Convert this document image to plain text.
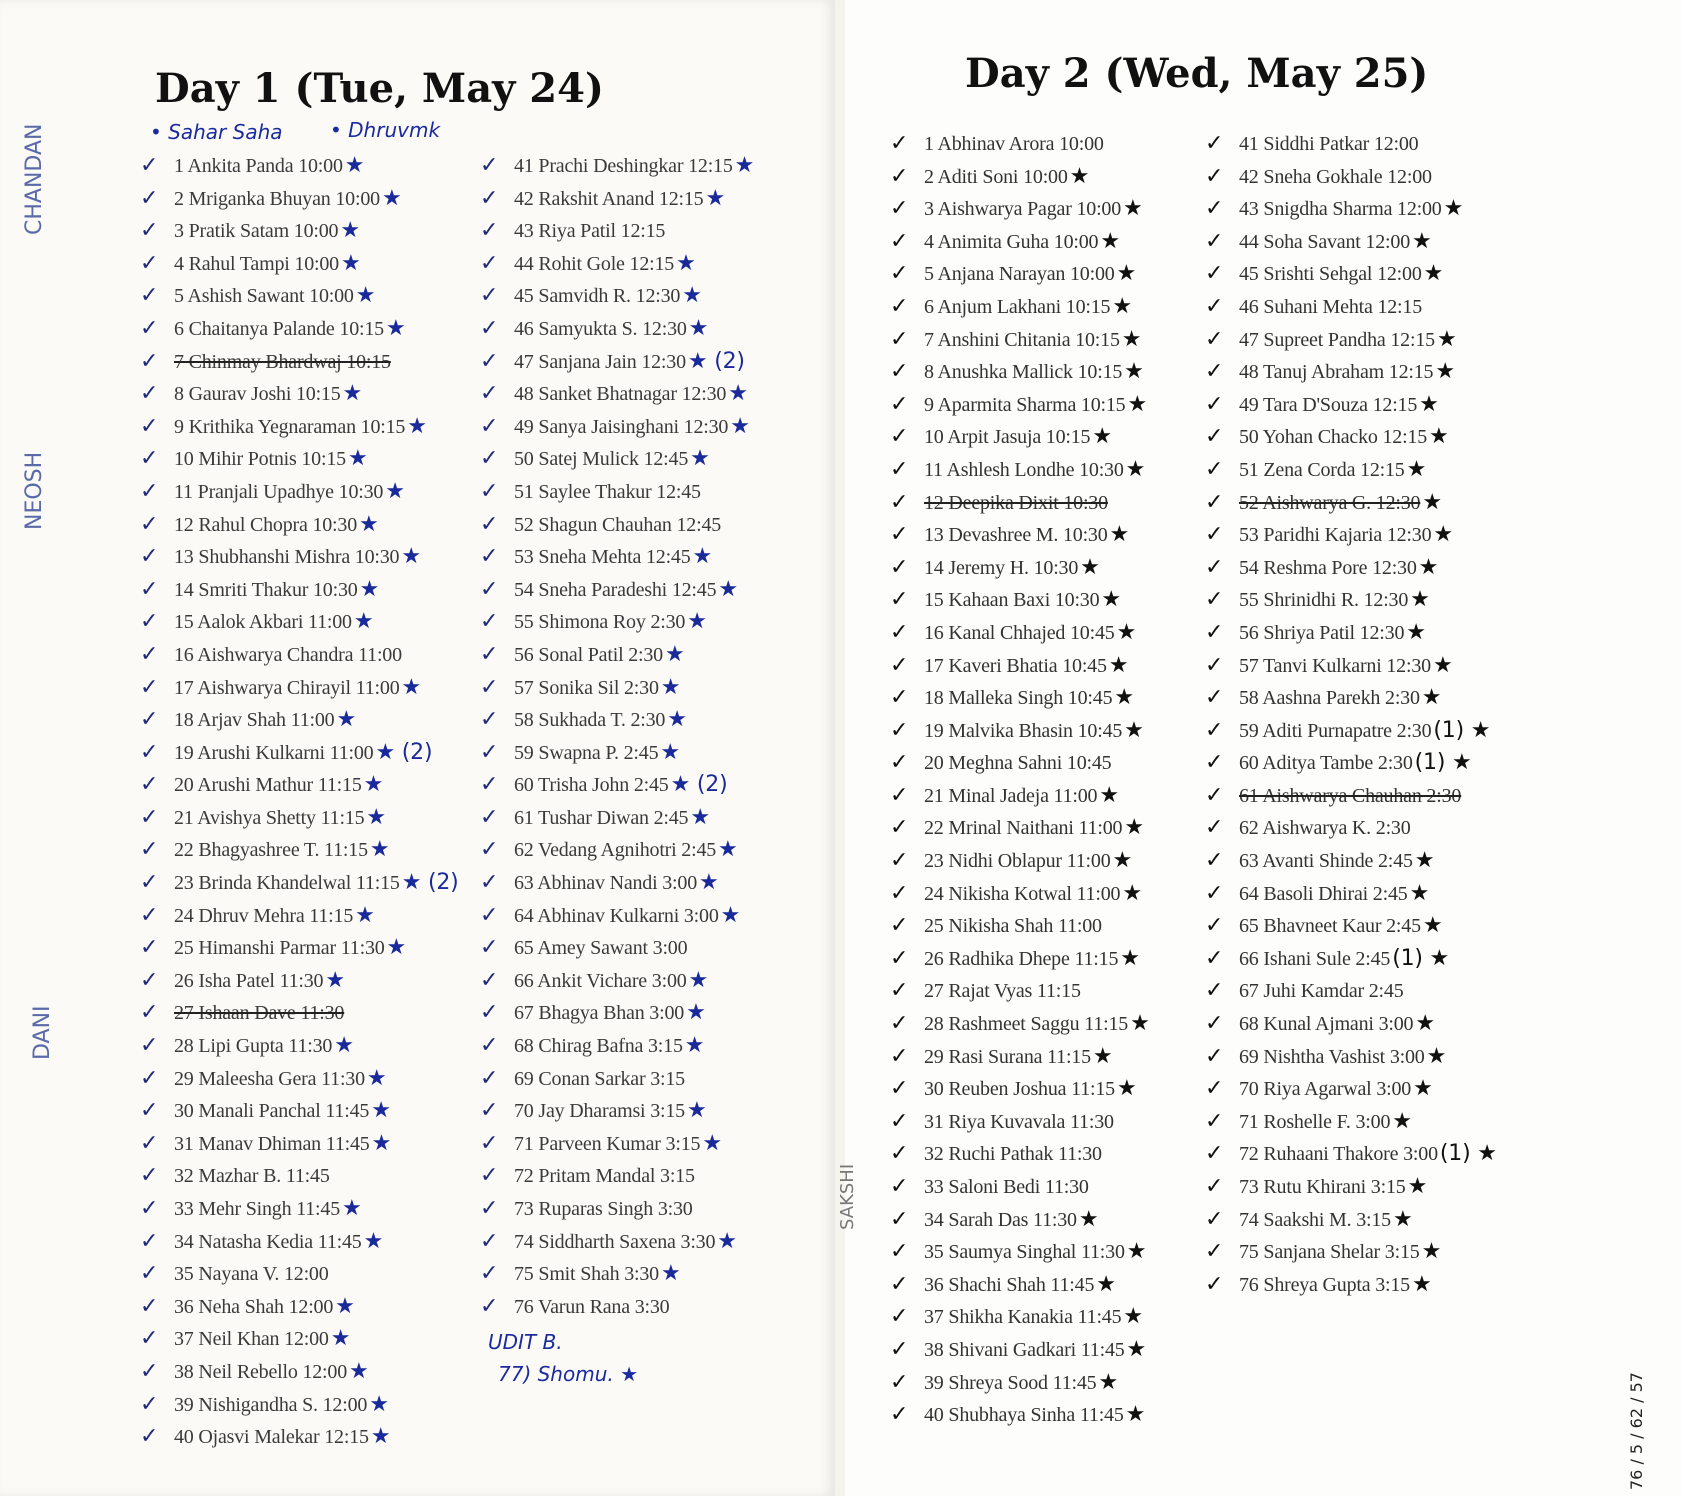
Day 1 (Tue, May 24)
• Sahar Saha • Dhruvmk
CHANDAN
NEOSH
DANI
✓ 1 Ankita Panda 10:00★
✓ 2 Mriganka Bhuyan 10:00★
✓ 3 Pratik Satam 10:00★
✓ 4 Rahul Tampi 10:00★
✓ 5 Ashish Sawant 10:00★
✓ 6 Chaitanya Palande 10:15★
✓ 7 Chinmay Bhardwaj 10:15
✓ 8 Gaurav Joshi 10:15★
✓ 9 Krithika Yegnaraman 10:15★
✓ 10 Mihir Potnis 10:15★
✓ 11 Pranjali Upadhye 10:30★
✓ 12 Rahul Chopra 10:30★
✓ 13 Shubhanshi Mishra 10:30★
✓ 14 Smriti Thakur 10:30★
✓ 15 Aalok Akbari 11:00★
✓ 16 Aishwarya Chandra 11:00
✓ 17 Aishwarya Chirayil 11:00★
✓ 18 Arjav Shah 11:00★
✓ 19 Arushi Kulkarni 11:00★ (2)
✓ 20 Arushi Mathur 11:15★
✓ 21 Avishya Shetty 11:15★
✓ 22 Bhagyashree T. 11:15★
✓ 23 Brinda Khandelwal 11:15★ (2)
✓ 24 Dhruv Mehra 11:15★
✓ 25 Himanshi Parmar 11:30★
✓ 26 Isha Patel 11:30★
✓ 27 Ishaan Dave 11:30
✓ 28 Lipi Gupta 11:30★
✓ 29 Maleesha Gera 11:30★
✓ 30 Manali Panchal 11:45★
✓ 31 Manav Dhiman 11:45★
✓ 32 Mazhar B. 11:45
✓ 33 Mehr Singh 11:45★
✓ 34 Natasha Kedia 11:45★
✓ 35 Nayana V. 12:00
✓ 36 Neha Shah 12:00★
✓ 37 Neil Khan 12:00★
✓ 38 Neil Rebello 12:00★
✓ 39 Nishigandha S. 12:00★
✓ 40 Ojasvi Malekar 12:15★
✓ 41 Prachi Deshingkar 12:15★
✓ 42 Rakshit Anand 12:15★
✓ 43 Riya Patil 12:15
✓ 44 Rohit Gole 12:15★
✓ 45 Samvidh R. 12:30★
✓ 46 Samyukta S. 12:30★
✓ 47 Sanjana Jain 12:30★ (2)
✓ 48 Sanket Bhatnagar 12:30★
✓ 49 Sanya Jaisinghani 12:30★
✓ 50 Satej Mulick 12:45★
✓ 51 Saylee Thakur 12:45
✓ 52 Shagun Chauhan 12:45
✓ 53 Sneha Mehta 12:45★
✓ 54 Sneha Paradeshi 12:45★
✓ 55 Shimona Roy 2:30★
✓ 56 Sonal Patil 2:30★
✓ 57 Sonika Sil 2:30★
✓ 58 Sukhada T. 2:30★
✓ 59 Swapna P. 2:45★
✓ 60 Trisha John 2:45★ (2)
✓ 61 Tushar Diwan 2:45★
✓ 62 Vedang Agnihotri 2:45★
✓ 63 Abhinav Nandi 3:00★
✓ 64 Abhinav Kulkarni 3:00★
✓ 65 Amey Sawant 3:00
✓ 66 Ankit Vichare 3:00★
✓ 67 Bhagya Bhan 3:00★
✓ 68 Chirag Bafna 3:15★
✓ 69 Conan Sarkar 3:15
✓ 70 Jay Dharamsi 3:15★
✓ 71 Parveen Kumar 3:15★
✓ 72 Pritam Mandal 3:15
✓ 73 Ruparas Singh 3:30
✓ 74 Siddharth Saxena 3:30★
✓ 75 Smit Shah 3:30★
✓ 76 Varun Rana 3:30
UDIT B.
77) Shomu. ★
Day 2 (Wed, May 25)
SAKSHI
✓ 1 Abhinav Arora 10:00
✓ 2 Aditi Soni 10:00★
✓ 3 Aishwarya Pagar 10:00★
✓ 4 Animita Guha 10:00★
✓ 5 Anjana Narayan 10:00★
✓ 6 Anjum Lakhani 10:15★
✓ 7 Anshini Chitania 10:15★
✓ 8 Anushka Mallick 10:15★
✓ 9 Aparmita Sharma 10:15★
✓ 10 Arpit Jasuja 10:15★
✓ 11 Ashlesh Londhe 10:30★
✓ 12 Deepika Dixit 10:30
✓ 13 Devashree M. 10:30★
✓ 14 Jeremy H. 10:30★
✓ 15 Kahaan Baxi 10:30★
✓ 16 Kanal Chhajed 10:45★
✓ 17 Kaveri Bhatia 10:45★
✓ 18 Malleka Singh 10:45★
✓ 19 Malvika Bhasin 10:45★
✓ 20 Meghna Sahni 10:45
✓ 21 Minal Jadeja 11:00★
✓ 22 Mrinal Naithani 11:00★
✓ 23 Nidhi Oblapur 11:00★
✓ 24 Nikisha Kotwal 11:00★
✓ 25 Nikisha Shah 11:00
✓ 26 Radhika Dhepe 11:15★
✓ 27 Rajat Vyas 11:15
✓ 28 Rashmeet Saggu 11:15★
✓ 29 Rasi Surana 11:15★
✓ 30 Reuben Joshua 11:15★
✓ 31 Riya Kuvavala 11:30
✓ 32 Ruchi Pathak 11:30
✓ 33 Saloni Bedi 11:30
✓ 34 Sarah Das 11:30★
✓ 35 Saumya Singhal 11:30★
✓ 36 Shachi Shah 11:45★
✓ 37 Shikha Kanakia 11:45★
✓ 38 Shivani Gadkari 11:45★
✓ 39 Shreya Sood 11:45★
✓ 40 Shubhaya Sinha 11:45★
✓ 41 Siddhi Patkar 12:00
✓ 42 Sneha Gokhale 12:00
✓ 43 Snigdha Sharma 12:00★
✓ 44 Soha Savant 12:00★
✓ 45 Srishti Sehgal 12:00★
✓ 46 Suhani Mehta 12:15
✓ 47 Supreet Pandha 12:15★
✓ 48 Tanuj Abraham 12:15★
✓ 49 Tara D'Souza 12:15★
✓ 50 Yohan Chacko 12:15★
✓ 51 Zena Corda 12:15★
✓ 52 Aishwarya G. 12:30★
✓ 53 Paridhi Kajaria 12:30★
✓ 54 Reshma Pore 12:30★
✓ 55 Shrinidhi R. 12:30★
✓ 56 Shriya Patil 12:30★
✓ 57 Tanvi Kulkarni 12:30★
✓ 58 Aashna Parekh 2:30★
✓ 59 Aditi Purnapatre 2:30(1) ★
✓ 60 Aditya Tambe 2:30(1) ★
✓ 61 Aishwarya Chauhan 2:30
✓ 62 Aishwarya K. 2:30
✓ 63 Avanti Shinde 2:45★
✓ 64 Basoli Dhirai 2:45★
✓ 65 Bhavneet Kaur 2:45★
✓ 66 Ishani Sule 2:45(1) ★
✓ 67 Juhi Kamdar 2:45
✓ 68 Kunal Ajmani 3:00★
✓ 69 Nishtha Vashist 3:00★
✓ 70 Riya Agarwal 3:00★
✓ 71 Roshelle F. 3:00★
✓ 72 Ruhaani Thakore 3:00(1) ★
✓ 73 Rutu Khirani 3:15★
✓ 74 Saakshi M. 3:15★
✓ 75 Sanjana Shelar 3:15★
✓ 76 Shreya Gupta 3:15★
76 / 5 / 62 / 57
